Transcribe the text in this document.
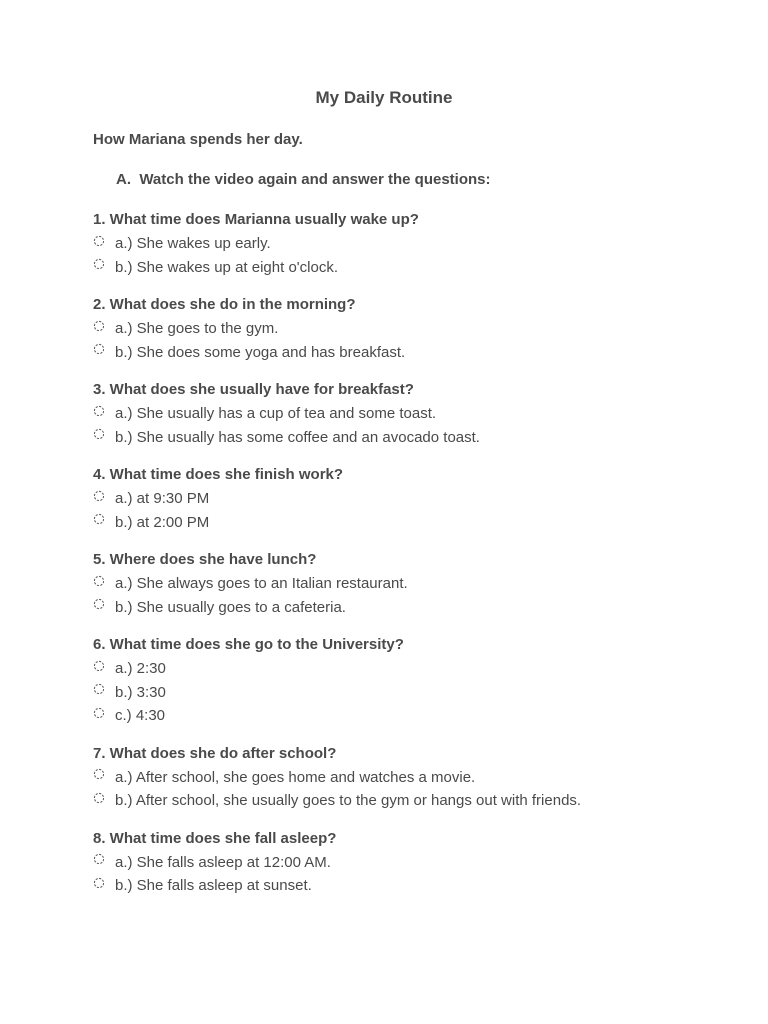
My Daily Routine

How Mariana spends her day.

A.  Watch the video again and answer the questions:

1. What time does Marianna usually wake up?
a.) She wakes up early.
b.) She wakes up at eight o'clock.
2. What does she do in the morning?
a.) She goes to the gym.
b.) She does some yoga and has breakfast.
3. What does she usually have for breakfast?
a.) She usually has a cup of tea and some toast.
b.) She usually has some coffee and an avocado toast.
4. What time does she finish work?
a.) at 9:30 PM
b.) at 2:00 PM
5. Where does she have lunch?
a.) She always goes to an Italian restaurant.
b.) She usually goes to a cafeteria.
6. What time does she go to the University?
a.) 2:30
b.) 3:30
c.) 4:30
7. What does she do after school?
a.) After school, she goes home and watches a movie.
b.) After school, she usually goes to the gym or hangs out with friends.
8. What time does she fall asleep?
a.) She falls asleep at 12:00 AM.
b.) She falls asleep at sunset.
